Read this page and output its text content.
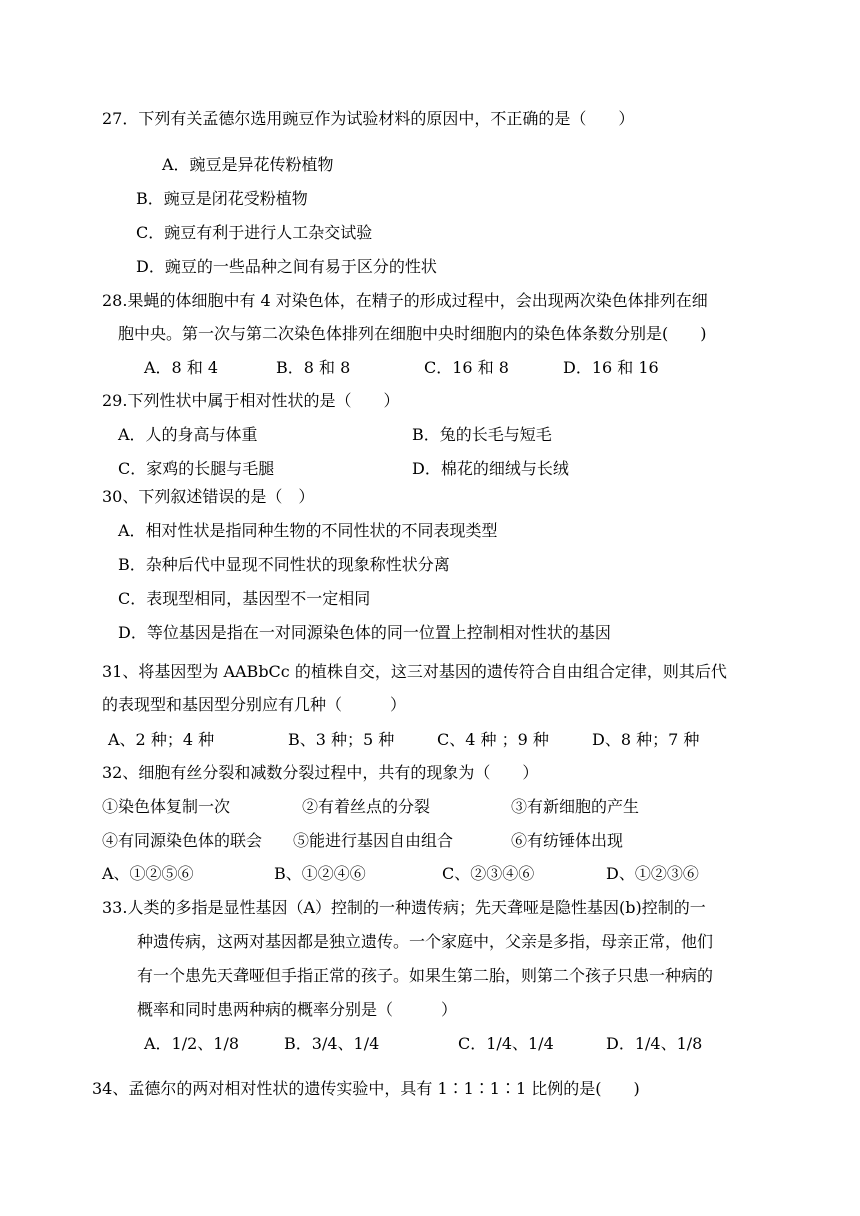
27．下列有关孟德尔选用豌豆作为试验材料的原因中，不正确的是（　　）
A．豌豆是异花传粉植物
B．豌豆是闭花受粉植物
C．豌豆有利于进行人工杂交试验
D．豌豆的一些品种之间有易于区分的性状
28.果蝇的体细胞中有 4 对染色体，在精子的形成过程中，会出现两次染色体排列在细
胞中央。第一次与第二次染色体排列在细胞中央时细胞内的染色体条数分别是(　　)
A．8 和 4	B．8 和 8	C．16 和 8	D．16 和 16
29.下列性状中属于相对性状的是（　　）
A．人的身高与体重	B．兔的长毛与短毛
C．家鸡的长腿与毛腿	D．棉花的细绒与长绒
30、下列叙述错误的是（　）
A．相对性状是指同种生物的不同性状的不同表现类型
B．杂种后代中显现不同性状的现象称性状分离
C．表现型相同，基因型不一定相同
D．等位基因是指在一对同源染色体的同一位置上控制相对性状的基因
31、将基因型为 AABbCc 的植株自交，这三对基因的遗传符合自由组合定律，则其后代
的表现型和基因型分别应有几种（　　　）
A、2 种；4 种	B、3 种；5 种	C、4 种 ；9 种	D、8 种；7 种
32、细胞有丝分裂和减数分裂过程中，共有的现象为（　　）
①染色体复制一次	②有着丝点的分裂	③有新细胞的产生
④有同源染色体的联会 ⑤能进行基因自由组合	⑥有纺锤体出现
A、①②⑤⑥	B、①②④⑥	C、②③④⑥	D、①②③⑥
33.人类的多指是显性基因（A）控制的一种遗传病；先天聋哑是隐性基因(b)控制的一
种遗传病，这两对基因都是独立遗传。一个家庭中，父亲是多指，母亲正常，他们
有一个患先天聋哑但手指正常的孩子。如果生第二胎，则第二个孩子只患一种病的
概率和同时患两种病的概率分别是（　　　）
A．1/2、1/8	B．3/4、1/4	C．1/4、1/4	D．1/4、1/8
34、孟德尔的两对相对性状的遗传实验中，具有 1∶1∶1∶1 比例的是(　　)
